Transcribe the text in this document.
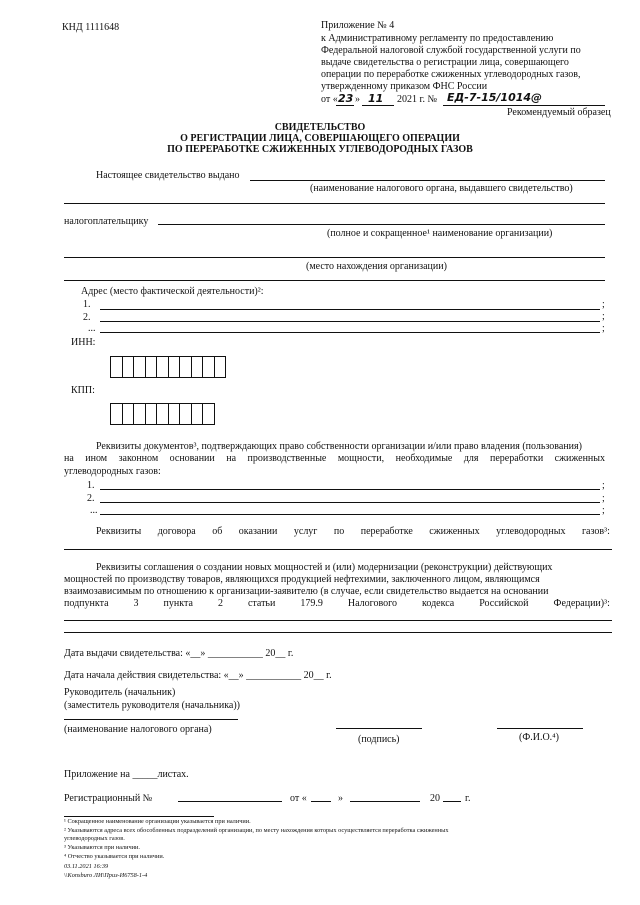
КНД 1111648	Приложение № 4
к Административному регламенту по предоставлению
Федеральной налоговой службой государственной услуги по
выдаче свидетельства о регистрации лица, совершающего
операции по переработке сжиженных углеводородных газов,
утвержденному приказом ФНС России
от « 23 » 11 2021 г. № ЕД-7-15/1014@
Рекомендуемый образец
СВИДЕТЕЛЬСТВО
О РЕГИСТРАЦИИ ЛИЦА, СОВЕРШАЮЩЕГО ОПЕРАЦИИ
ПО ПЕРЕРАБОТКЕ СЖИЖЕННЫХ УГЛЕВОДОРОДНЫХ ГАЗОВ
Настоящее свидетельство выдано
(наименование налогового органа, выдавшего свидетельство)
налогоплательщику
(полное и сокращенное¹ наименование организации)
(место нахождения организации)
Адрес (место фактической деятельности)²:
1.	;
2.	;
...	;
ИНН:
КПП:
Реквизиты документов³, подтверждающих право собственности организации и/или право владения (пользования)
на ином законном основании на производственные мощности, необходимые для переработки сжиженных
углеводородных газов:
1.	;
2.	;
...	;
Реквизиты договора об оказании услуг по переработке сжиженных углеводородных газов³:
Реквизиты соглашения о создании новых мощностей и (или) модернизации (реконструкции) действующих
мощностей по производству товаров, являющихся продукцией нефтехимии, заключенного лицом, являющимся
взаимозависимым по отношению к организации-заявителю (в случае, если свидетельство выдается на основании
подпункта	3	пункта	2	статьи	179.9	Налогового	кодекса	Российской	Федерации)³:
Дата выдачи свидетельства: «__» ___________ 20__ г.
Дата начала действия свидетельства: «__» ___________ 20__ г.
Руководитель (начальник)
(заместитель руководителя (начальника))
(наименование налогового органа)
(подпись)	(Ф.И.О.⁴)
Приложение на _____листах.
Регистрационный №	от «	»	20	г.
¹ Сокращенное наименование организации указывается при наличии.
² Указываются адреса всех обособленных подразделений организации, по месту нахождения которых осуществляется переработка сжиженных
углеводородных газов.
³ Указываются при наличии.
⁴ Отчество указывается при наличии.
03.11.2021 16:39
\\Konsburo ЛИ\Приз-И6758-1-4
